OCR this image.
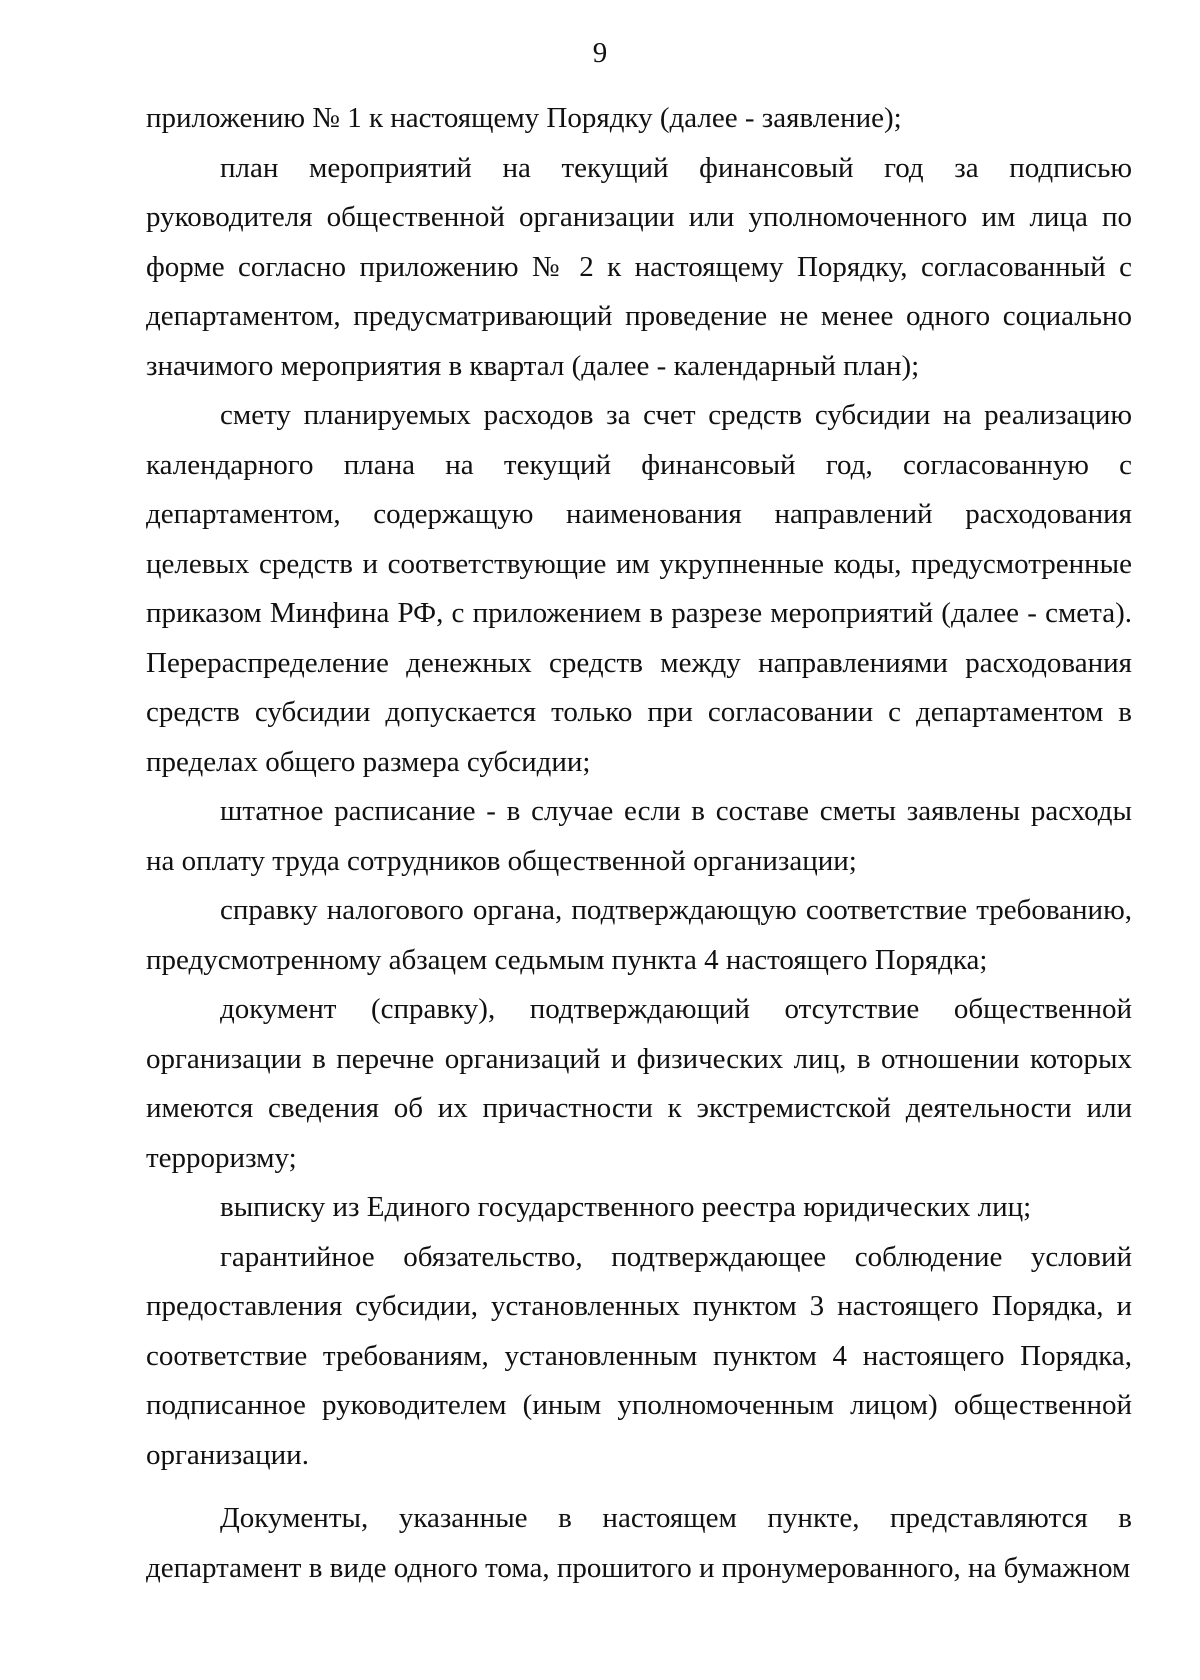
9

приложению № 1 к настоящему Порядку (далее - заявление);

план мероприятий на текущий финансовый год за подписью руководителя общественной организации или уполномоченного им лица по форме согласно приложению № 2 к настоящему Порядку, согласованный с департаментом, предусматривающий проведение не менее одного социально значимого мероприятия в квартал (далее - календарный план);

смету планируемых расходов за счет средств субсидии на реализацию календарного плана на текущий финансовый год, согласованную с департаментом, содержащую наименования направлений расходования целевых средств и соответствующие им укрупненные коды, предусмотренные приказом Минфина РФ, с приложением в разрезе мероприятий (далее - смета). Перераспределение денежных средств между направлениями расходования средств субсидии допускается только при согласовании с департаментом в пределах общего размера субсидии;

штатное расписание - в случае если в составе сметы заявлены расходы на оплату труда сотрудников общественной организации;

справку налогового органа, подтверждающую соответствие требованию, предусмотренному абзацем седьмым пункта 4 настоящего Порядка;

документ (справку), подтверждающий отсутствие общественной организации в перечне организаций и физических лиц, в отношении которых имеются сведения об их причастности к экстремистской деятельности или терроризму;

выписку из Единого государственного реестра юридических лиц;

гарантийное обязательство, подтверждающее соблюдение условий предоставления субсидии, установленных пунктом 3 настоящего Порядка, и соответствие требованиям, установленным пунктом 4 настоящего Порядка, подписанное руководителем (иным уполномоченным лицом) общественной организации.

Документы, указанные в настоящем пункте, представляются в департамент в виде одного тома, прошитого и пронумерованного, на бумажном
